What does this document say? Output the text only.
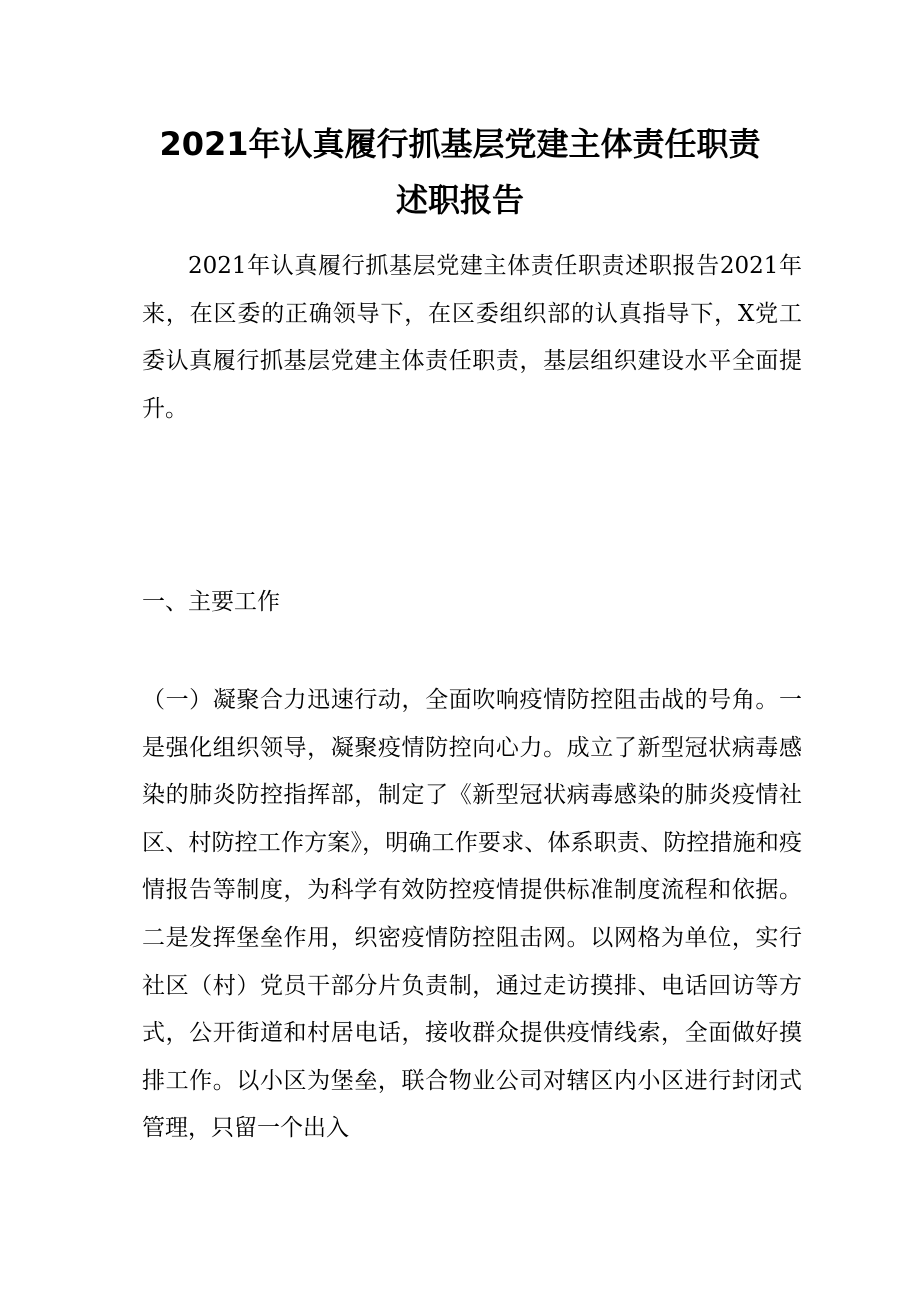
2021年认真履行抓基层党建主体责任职责
述职报告

2021年认真履行抓基层党建主体责任职责述职报告2021年来，在区委的正确领导下，在区委组织部的认真指导下，X党工委认真履行抓基层党建主体责任职责，基层组织建设水平全面提升。

一、主要工作

（一）凝聚合力迅速行动，全面吹响疫情防控阻击战的号角。一是强化组织领导，凝聚疫情防控向心力。成立了新型冠状病毒感染的肺炎防控指挥部，制定了《新型冠状病毒感染的肺炎疫情社区、村防控工作方案》，明确工作要求、体系职责、防控措施和疫情报告等制度，为科学有效防控疫情提供标准制度流程和依据。二是发挥堡垒作用，织密疫情防控阻击网。以网格为单位，实行社区（村）党员干部分片负责制，通过走访摸排、电话回访等方式，公开街道和村居电话，接收群众提供疫情线索，全面做好摸排工作。以小区为堡垒，联合物业公司对辖区内小区进行封闭式管理，只留一个出入
